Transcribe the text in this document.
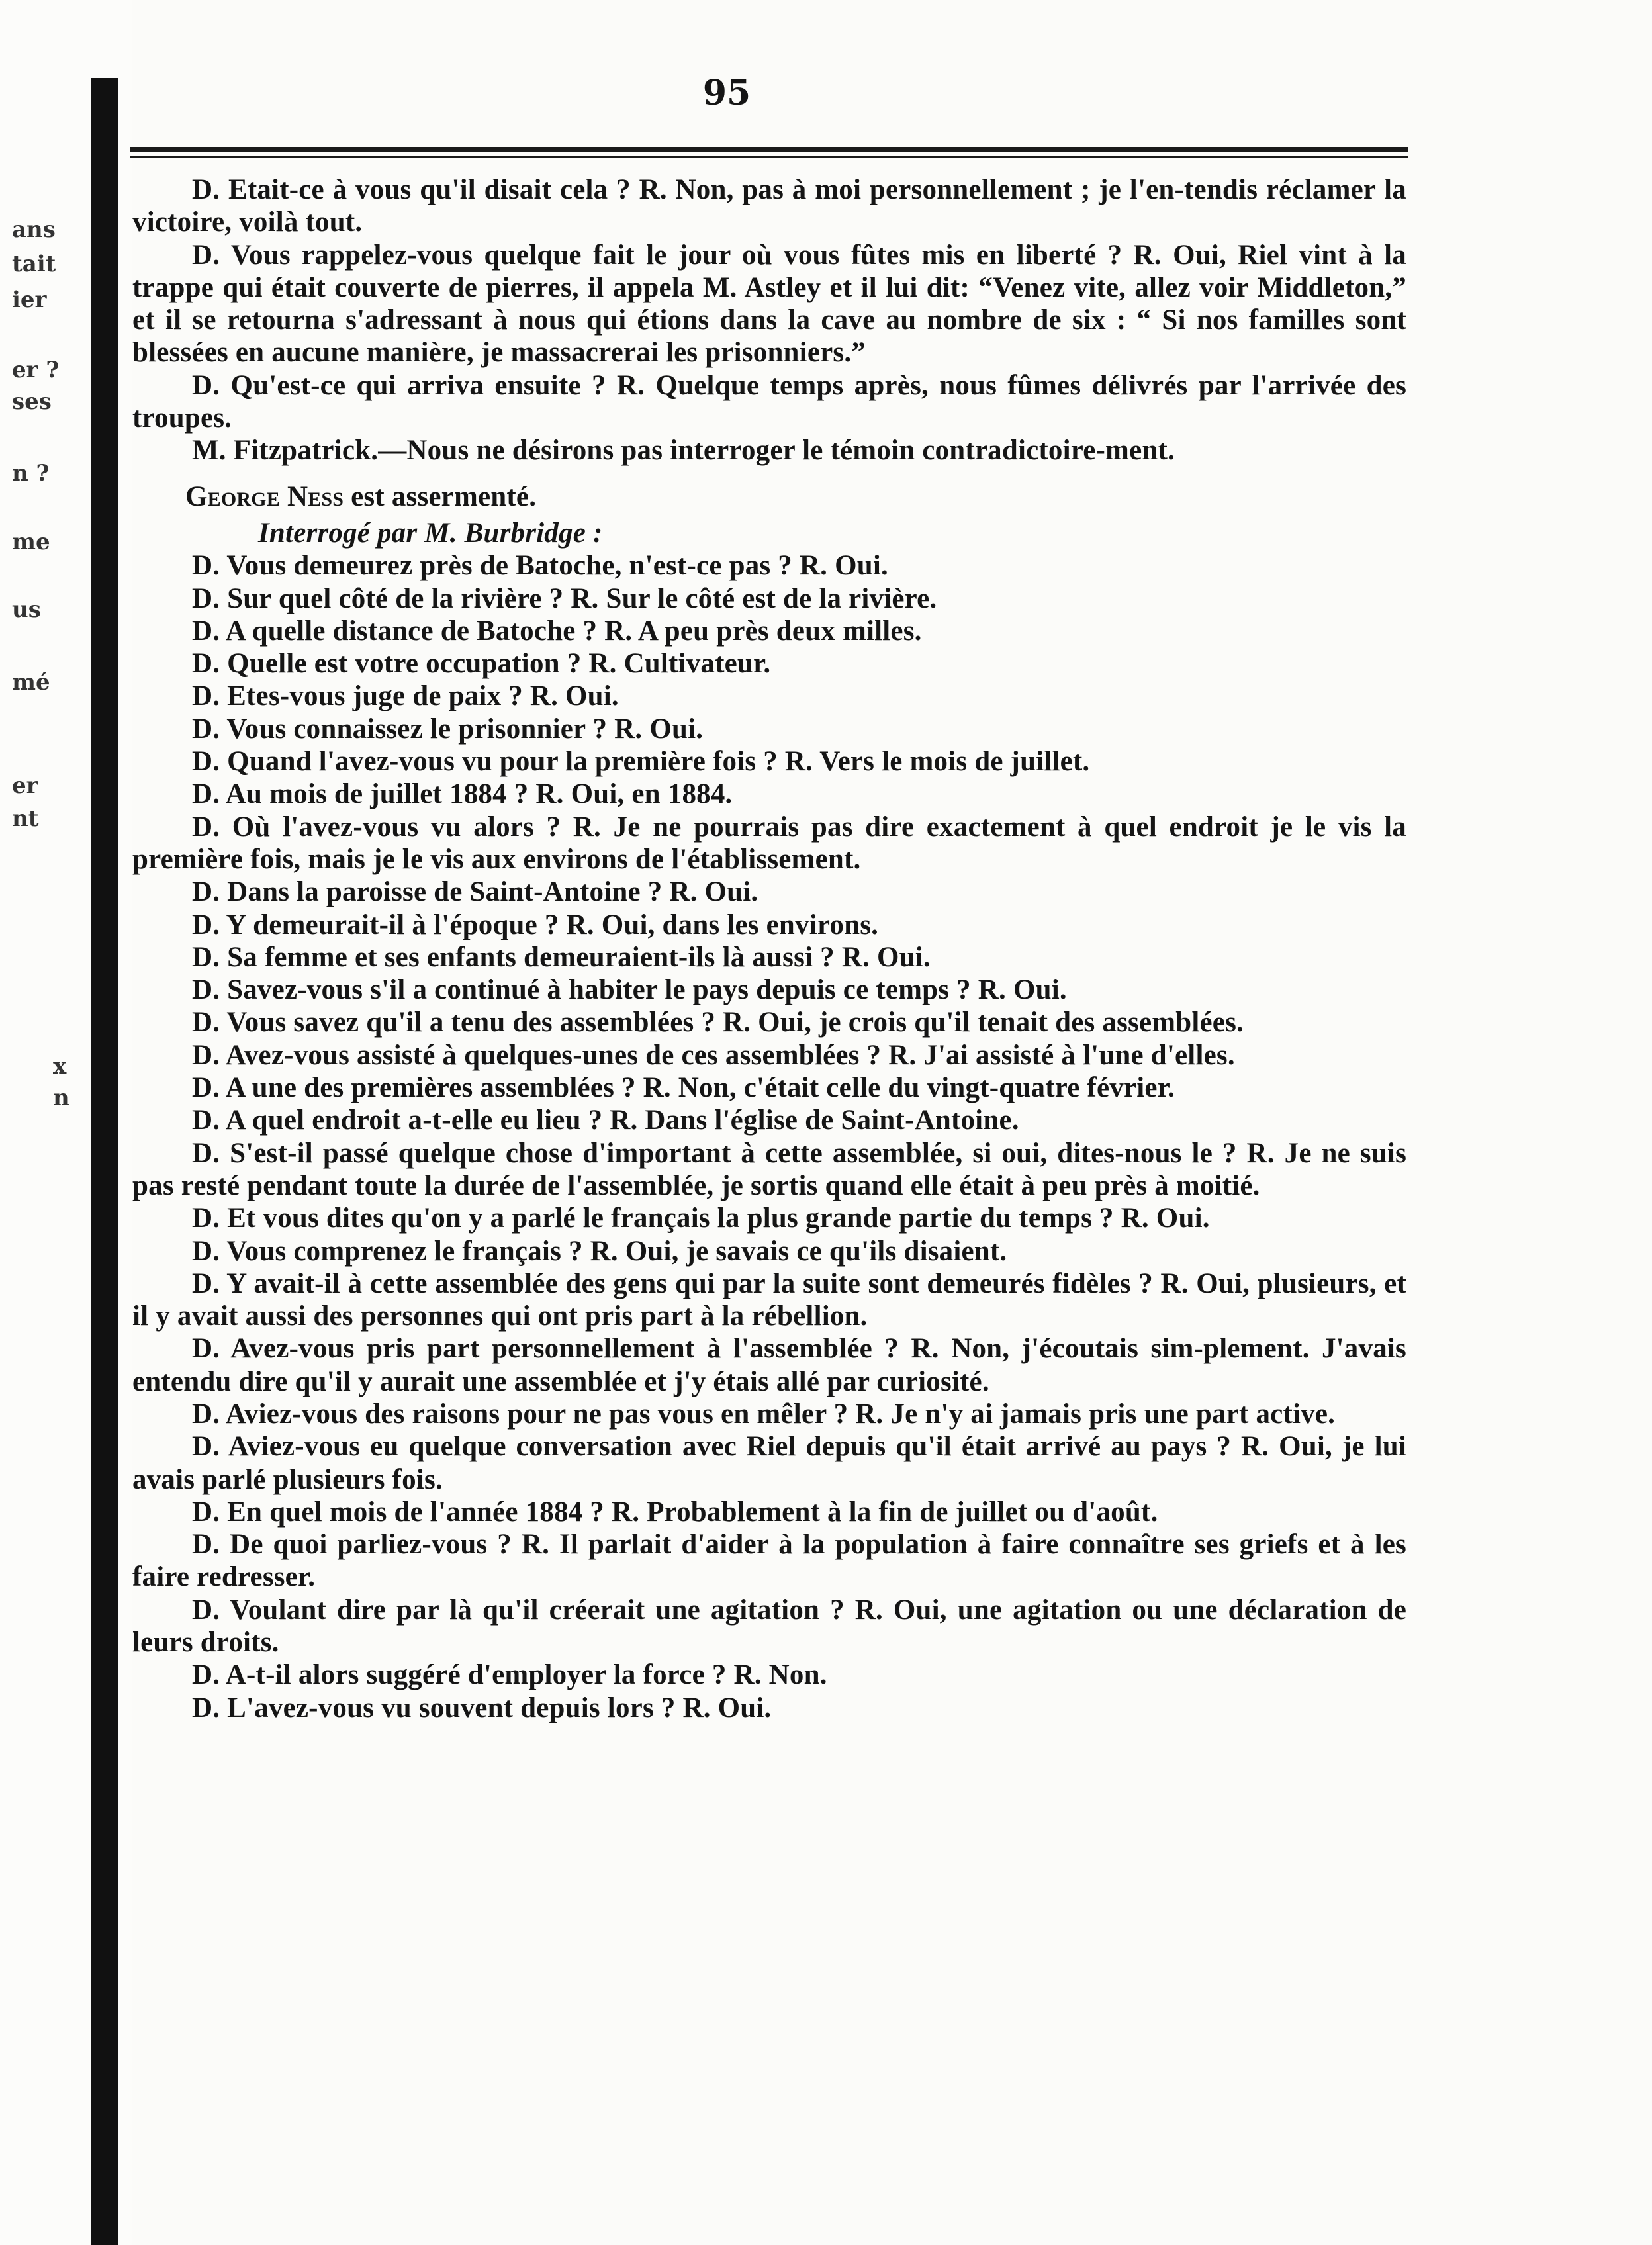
ans
tait
ier
er ?
ses
n ?
me
us
mé
er
nt
x
n
95

D. Etait-ce à vous qu'il disait cela ? R. Non, pas à moi personnellement ; je l'en-tendis réclamer la victoire, voilà tout.

D. Vous rappelez-vous quelque fait le jour où vous fûtes mis en liberté ? R. Oui, Riel vint à la trappe qui était couverte de pierres, il appela M. Astley et il lui dit: “Venez vite, allez voir Middleton,” et il se retourna s'adressant à nous qui étions dans la cave au nombre de six : “ Si nos familles sont blessées en aucune manière, je massacrerai les prisonniers.”

D. Qu'est-ce qui arriva ensuite ? R. Quelque temps après, nous fûmes délivrés par l'arrivée des troupes.

M. Fitzpatrick.—Nous ne désirons pas interroger le témoin contradictoire-ment.

George Ness est assermenté.

Interrogé par M. Burbridge :

D. Vous demeurez près de Batoche, n'est-ce pas ? R. Oui.

D. Sur quel côté de la rivière ? R. Sur le côté est de la rivière.

D. A quelle distance de Batoche ? R. A peu près deux milles.

D. Quelle est votre occupation ? R. Cultivateur.

D. Etes-vous juge de paix ? R. Oui.

D. Vous connaissez le prisonnier ? R. Oui.

D. Quand l'avez-vous vu pour la première fois ? R. Vers le mois de juillet.

D. Au mois de juillet 1884 ? R. Oui, en 1884.

D. Où l'avez-vous vu alors ? R. Je ne pourrais pas dire exactement à quel endroit je le vis la première fois, mais je le vis aux environs de l'établissement.

D. Dans la paroisse de Saint-Antoine ? R. Oui.

D. Y demeurait-il à l'époque ? R. Oui, dans les environs.

D. Sa femme et ses enfants demeuraient-ils là aussi ? R. Oui.

D. Savez-vous s'il a continué à habiter le pays depuis ce temps ? R. Oui.

D. Vous savez qu'il a tenu des assemblées ? R. Oui, je crois qu'il tenait des assemblées.

D. Avez-vous assisté à quelques-unes de ces assemblées ? R. J'ai assisté à l'une d'elles.

D. A une des premières assemblées ? R. Non, c'était celle du vingt-quatre février.

D. A quel endroit a-t-elle eu lieu ? R. Dans l'église de Saint-Antoine.

D. S'est-il passé quelque chose d'important à cette assemblée, si oui, dites-nous le ? R. Je ne suis pas resté pendant toute la durée de l'assemblée, je sortis quand elle était à peu près à moitié.

D. Et vous dites qu'on y a parlé le français la plus grande partie du temps ? R. Oui.

D. Vous comprenez le français ? R. Oui, je savais ce qu'ils disaient.

D. Y avait-il à cette assemblée des gens qui par la suite sont demeurés fidèles ? R. Oui, plusieurs, et il y avait aussi des personnes qui ont pris part à la rébellion.

D. Avez-vous pris part personnellement à l'assemblée ? R. Non, j'écoutais sim-plement. J'avais entendu dire qu'il y aurait une assemblée et j'y étais allé par curiosité.

D. Aviez-vous des raisons pour ne pas vous en mêler ? R. Je n'y ai jamais pris une part active.

D. Aviez-vous eu quelque conversation avec Riel depuis qu'il était arrivé au pays ? R. Oui, je lui avais parlé plusieurs fois.

D. En quel mois de l'année 1884 ? R. Probablement à la fin de juillet ou d'août.

D. De quoi parliez-vous ? R. Il parlait d'aider à la population à faire connaître ses griefs et à les faire redresser.

D. Voulant dire par là qu'il créerait une agitation ? R. Oui, une agitation ou une déclaration de leurs droits.

D. A-t-il alors suggéré d'employer la force ? R. Non.

D. L'avez-vous vu souvent depuis lors ? R. Oui.
